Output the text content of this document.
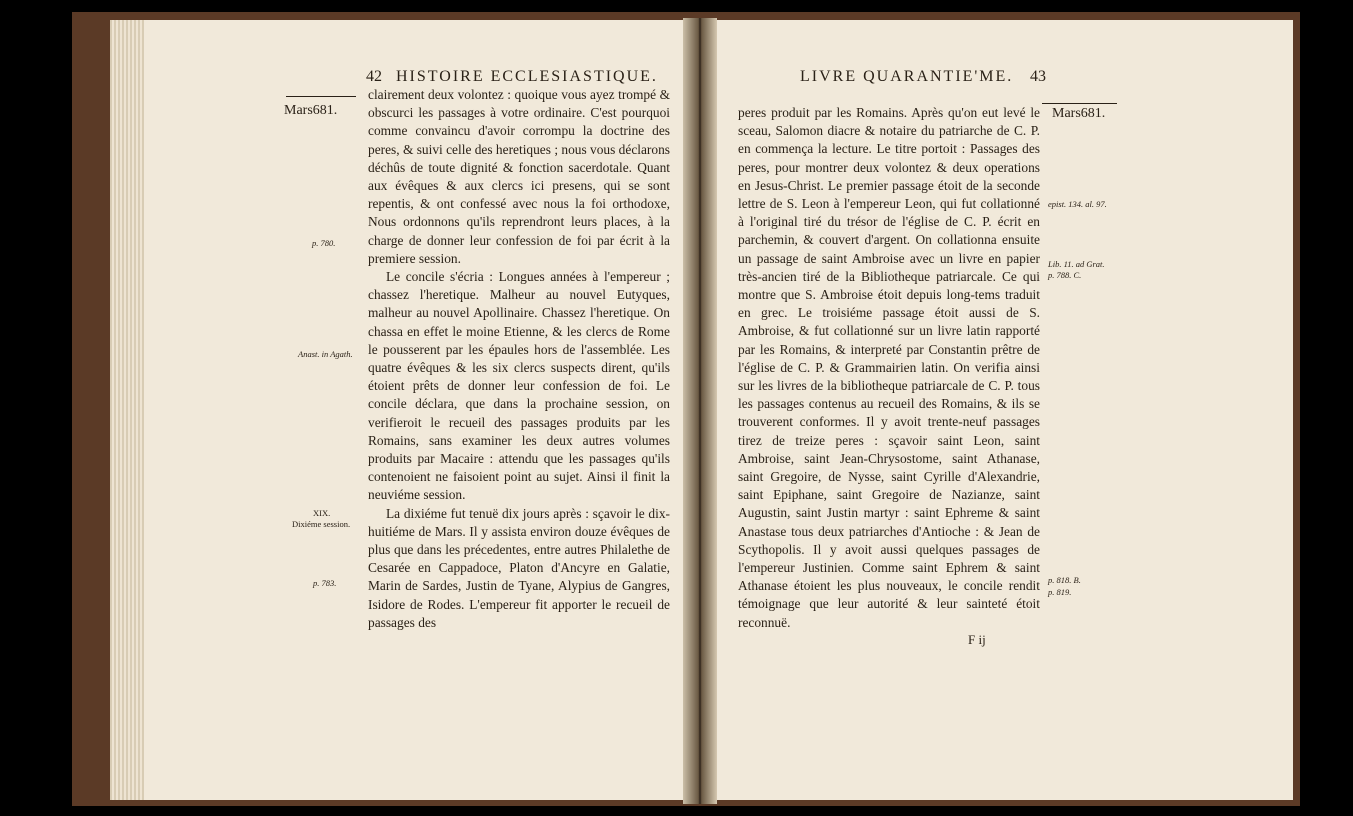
42 HISTOIRE ECCLESIASTIQUE.
Mars681.
p. 780.
Anast. in Agath.
XIX.
Dixiéme session.
p. 783.

clairement deux volontez : quoique vous ayez trompé & obscurci les passages à votre ordinaire. C'est pourquoi comme convaincu d'avoir corrompu la doctrine des peres, & suivi celle des heretiques ; nous vous déclarons déchûs de toute dignité & fonction sacerdotale. Quant aux évêques & aux clercs ici presens, qui se sont repentis, & ont confessé avec nous la foi orthodoxe, Nous ordonnons qu'ils reprendront leurs places, à la charge de donner leur confession de foi par écrit à la premiere session.

Le concile s'écria : Longues années à l'empereur ; chassez l'heretique. Malheur au nouvel Eutyques, malheur au nouvel Apollinaire. Chassez l'heretique. On chassa en effet le moine Etienne, & les clercs de Rome le pousserent par les épaules hors de l'assemblée. Les quatre évêques & les six clercs suspects dirent, qu'ils étoient prêts de donner leur confession de foi. Le concile déclara, que dans la prochaine session, on verifieroit le recueil des passages produits par les Romains, sans examiner les deux autres volumes produits par Macaire : attendu que les passages qu'ils contenoient ne faisoient point au sujet. Ainsi il finit la neuviéme session.

La dixiéme fut tenuë dix jours après : sçavoir le dix-huitiéme de Mars. Il y assista environ douze évêques de plus que dans les précedentes, entre autres Philalethe de Cesarée en Cappadoce, Platon d'Ancyre en Galatie, Marin de Sardes, Justin de Tyane, Alypius de Gangres, Isidore de Rodes. L'empereur fit apporter le recueil de passages des

LIVRE QUARANTIE'ME. 43
Mars681.
epist. 134. al. 97.
Lib. 11. ad Grat.
p. 788. C.
p. 818. B.
p. 819.

peres produit par les Romains. Après qu'on eut levé le sceau, Salomon diacre & notaire du patriarche de C. P. en commença la lecture. Le titre portoit : Passages des peres, pour montrer deux volontez & deux operations en Jesus-Christ. Le premier passage étoit de la seconde lettre de S. Leon à l'empereur Leon, qui fut collationné à l'original tiré du trésor de l'église de C. P. écrit en parchemin, & couvert d'argent. On collationna ensuite un passage de saint Ambroise avec un livre en papier très-ancien tiré de la Bibliotheque patriarcale. Ce qui montre que S. Ambroise étoit depuis long-tems traduit en grec. Le troisiéme passage étoit aussi de S. Ambroise, & fut collationné sur un livre latin rapporté par les Romains, & interpreté par Constantin prêtre de l'église de C. P. & Grammairien latin. On verifia ainsi sur les livres de la bibliotheque patriarcale de C. P. tous les passages contenus au recueil des Romains, & ils se trouverent conformes. Il y avoit trente-neuf passages tirez de treize peres : sçavoir saint Leon, saint Ambroise, saint Jean-Chrysostome, saint Athanase, saint Gregoire, de Nysse, saint Cyrille d'Alexandrie, saint Epiphane, saint Gregoire de Nazianze, saint Augustin, saint Justin martyr : saint Ephreme & saint Anastase tous deux patriarches d'Antioche : & Jean de Scythopolis. Il y avoit aussi quelques passages de l'empereur Justinien. Comme saint Ephrem & saint Athanase étoient les plus nouveaux, le concile rendit témoignage que leur autorité & leur sainteté étoit reconnuë.

F ij
